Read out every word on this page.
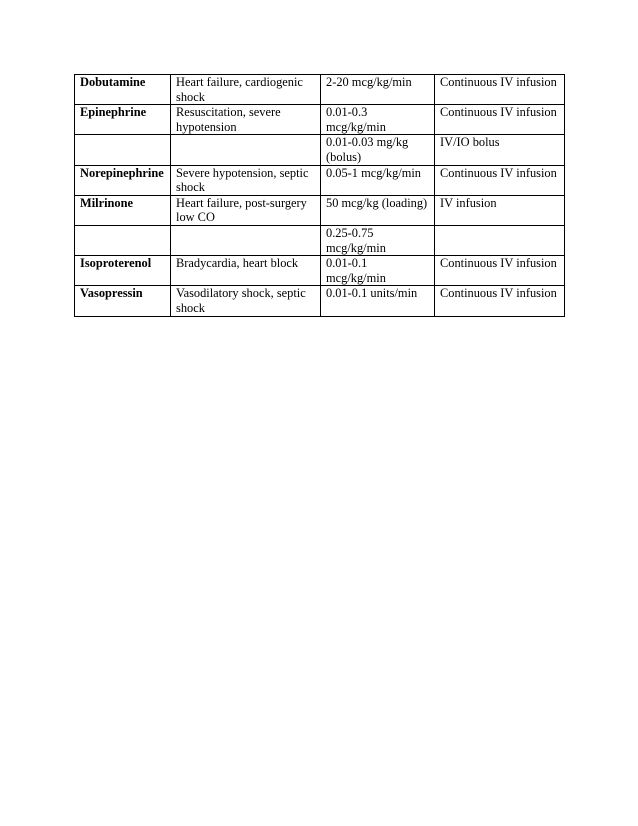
Dobutamine	Heart failure, cardiogenic shock	2-20 mcg/kg/min	Continuous IV infusion
Epinephrine	Resuscitation, severe hypotension	0.01-0.3 mcg/kg/min	Continuous IV infusion
		0.01-0.03 mg/kg (bolus)	IV/IO bolus
Norepinephrine	Severe hypotension, septic shock	0.05-1 mcg/kg/min	Continuous IV infusion
Milrinone	Heart failure, post-surgery low CO	50 mcg/kg (loading)	IV infusion
		0.25-0.75 mcg/kg/min	
Isoproterenol	Bradycardia, heart block	0.01-0.1 mcg/kg/min	Continuous IV infusion
Vasopressin	Vasodilatory shock, septic shock	0.01-0.1 units/min	Continuous IV infusion
